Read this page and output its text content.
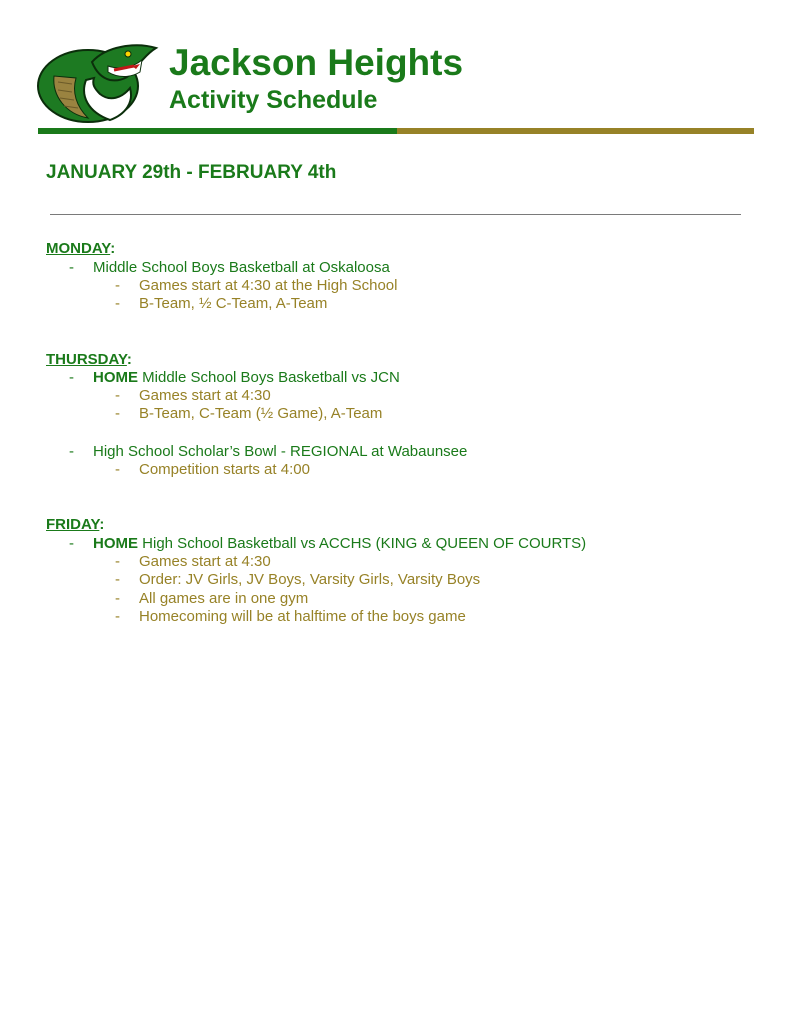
Jackson Heights
Activity Schedule
JANUARY 29th - FEBRUARY 4th
MONDAY:
- Middle School Boys Basketball at Oskaloosa
- Games start at 4:30 at the High School
- B-Team, ½ C-Team, A-Team
THURSDAY:
- HOME Middle School Boys Basketball vs JCN
- Games start at 4:30
- B-Team, C-Team (½ Game), A-Team
- High School Scholar’s Bowl - REGIONAL at Wabaunsee
- Competition starts at 4:00
FRIDAY:
- HOME High School Basketball vs ACCHS (KING & QUEEN OF COURTS)
- Games start at 4:30
- Order: JV Girls, JV Boys, Varsity Girls, Varsity Boys
- All games are in one gym
- Homecoming will be at halftime of the boys game
